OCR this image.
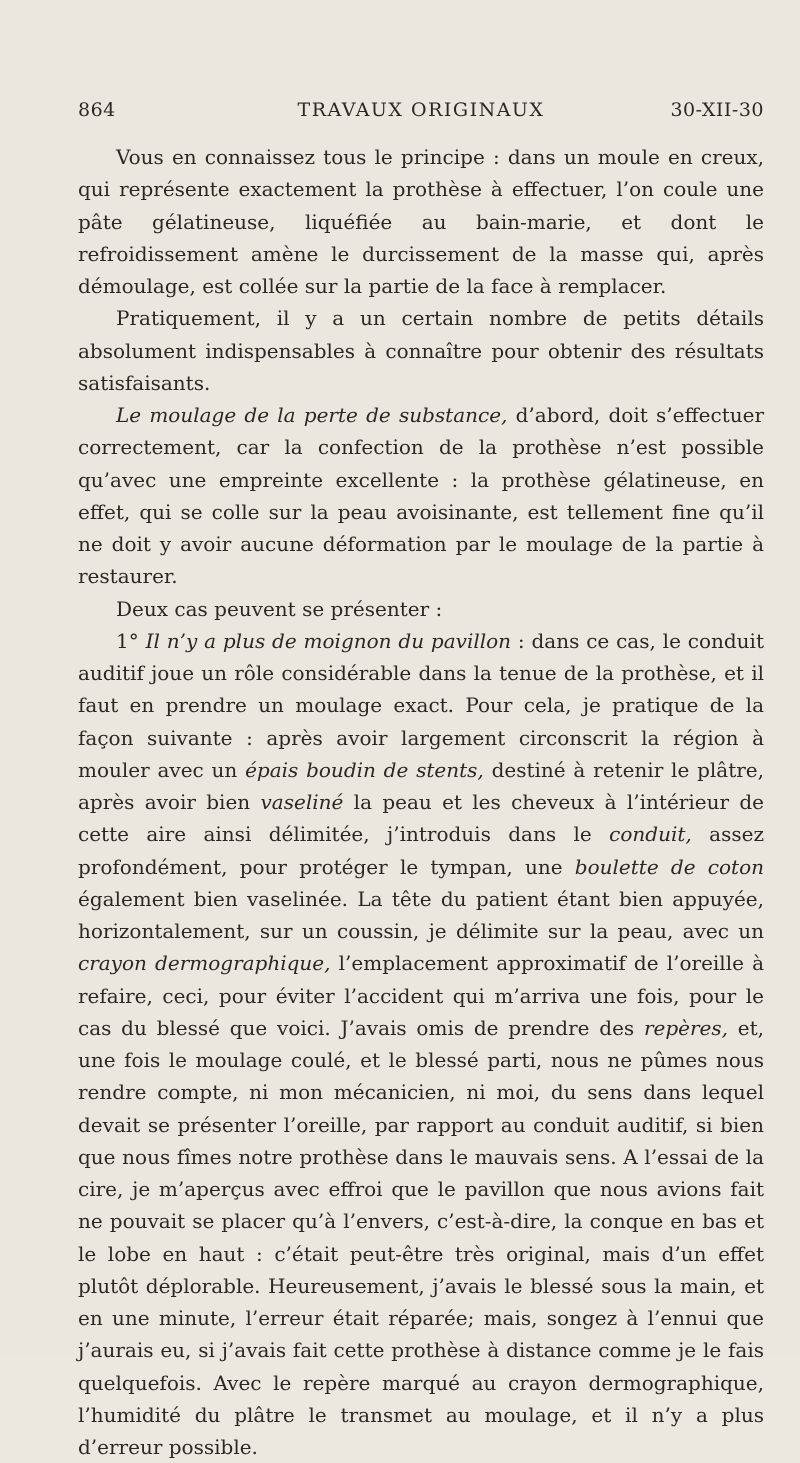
864	TRAVAUX ORIGINAUX	30-XII-30

Vous en connaissez tous le principe : dans un moule en creux, qui représente exactement la prothèse à effectuer, l’on coule une pâte gélatineuse, liquéfiée au bain-marie, et dont le refroidissement amène le durcissement de la masse qui, après démoulage, est collée sur la partie de la face à remplacer.

Pratiquement, il y a un certain nombre de petits détails absolument indispensables à connaître pour obtenir des résultats satisfaisants.

Le moulage de la perte de substance, d’abord, doit s’effectuer correctement, car la confection de la prothèse n’est possible qu’avec une empreinte excellente : la prothèse gélatineuse, en effet, qui se colle sur la peau avoisinante, est tellement fine qu’il ne doit y avoir aucune déformation par le moulage de la partie à restaurer.

Deux cas peuvent se présenter :

1° Il n’y a plus de moignon du pavillon : dans ce cas, le conduit auditif joue un rôle considérable dans la tenue de la prothèse, et il faut en prendre un moulage exact. Pour cela, je pratique de la façon suivante : après avoir largement circonscrit la région à mouler avec un épais boudin de stents, destiné à retenir le plâtre, après avoir bien vaseliné la peau et les cheveux à l’intérieur de cette aire ainsi délimitée, j’introduis dans le conduit, assez profondément, pour protéger le tympan, une boulette de coton également bien vaselinée. La tête du patient étant bien appuyée, horizontalement, sur un coussin, je délimite sur la peau, avec un crayon dermographique, l’emplacement approximatif de l’oreille à refaire, ceci, pour éviter l’accident qui m’arriva une fois, pour le cas du blessé que voici. J’avais omis de prendre des repères, et, une fois le moulage coulé, et le blessé parti, nous ne pûmes nous rendre compte, ni mon mécanicien, ni moi, du sens dans lequel devait se présenter l’oreille, par rapport au conduit auditif, si bien que nous fîmes notre prothèse dans le mauvais sens. A l’essai de la cire, je m’aperçus avec effroi que le pavillon que nous avions fait ne pouvait se placer qu’à l’envers, c’est-à-dire, la conque en bas et le lobe en haut : c’était peut-être très original, mais d’un effet plutôt déplorable. Heureusement, j’avais le blessé sous la main, et en une minute, l’erreur était réparée; mais, songez à l’ennui que j’aurais eu, si j’avais fait cette prothèse à distance comme je le fais quelquefois. Avec le repère marqué au crayon dermographique, l’humidité du plâtre le transmet au moulage, et il n’y a plus d’erreur possible.
